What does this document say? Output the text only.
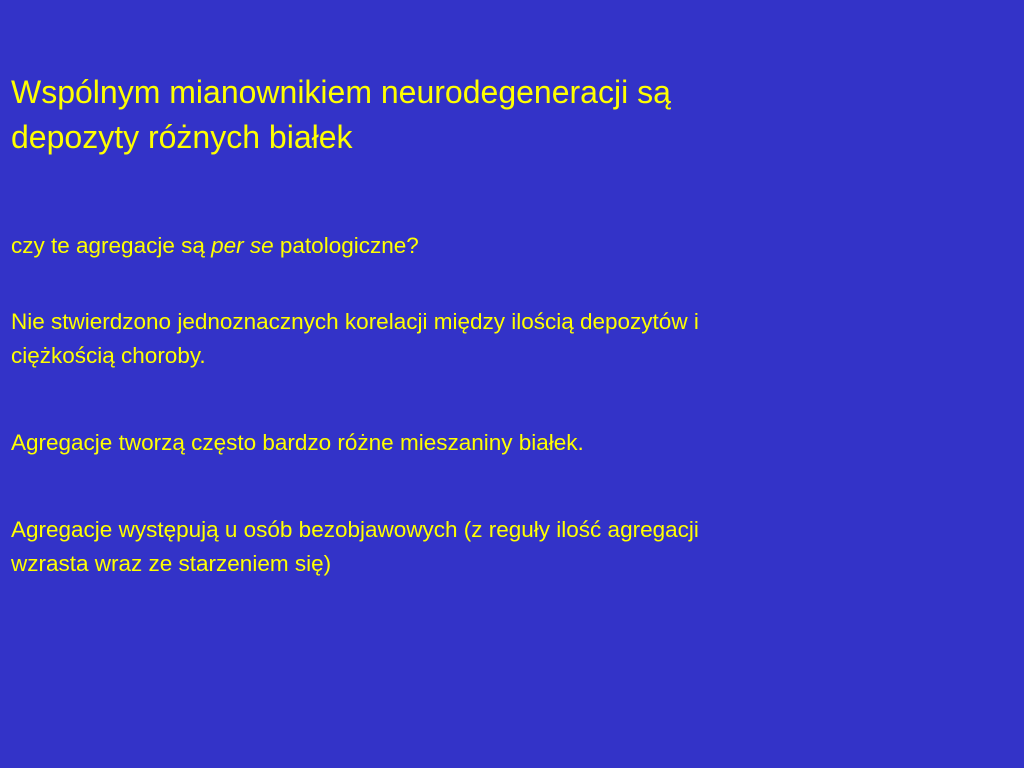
Wspólnym mianownikiem neurodegeneracji są
depozyty różnych białek

czy te agregacje są per se patologiczne?

Nie stwierdzono jednoznacznych korelacji między ilością depozytów i
ciężkością choroby.

Agregacje tworzą często bardzo różne mieszaniny białek.

Agregacje występują u osób bezobjawowych (z reguły ilość agregacji
wzrasta wraz ze starzeniem się)
